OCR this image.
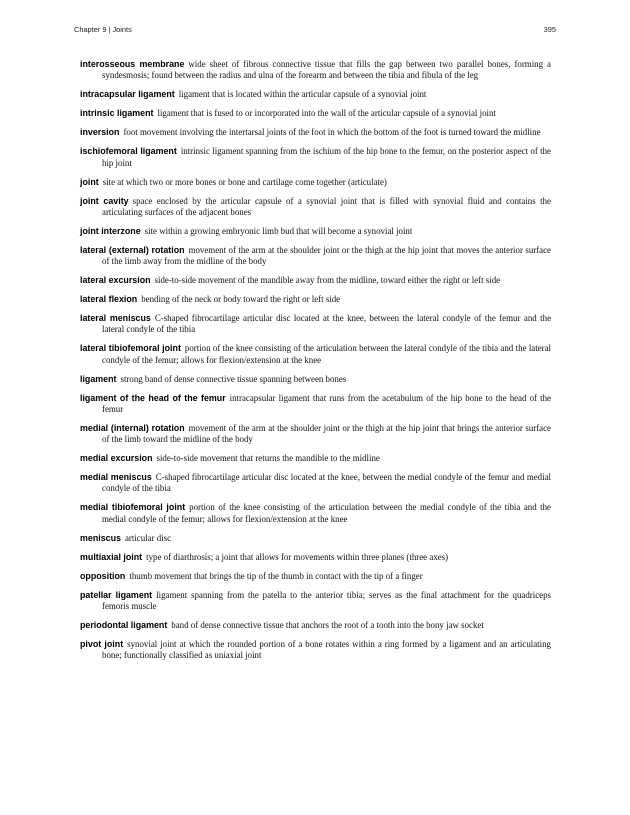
Chapter 9 | Joints	395

interosseous membrane wide sheet of fibrous connective tissue that fills the gap between two parallel bones, forming a syndesmosis; found between the radius and ulna of the forearm and between the tibia and fibula of the leg

intracapsular ligament ligament that is located within the articular capsule of a synovial joint

intrinsic ligament ligament that is fused to or incorporated into the wall of the articular capsule of a synovial joint

inversion foot movement involving the intertarsal joints of the foot in which the bottom of the foot is turned toward the midline

ischiofemoral ligament intrinsic ligament spanning from the ischium of the hip bone to the femur, on the posterior aspect of the hip joint

joint site at which two or more bones or bone and cartilage come together (articulate)

joint cavity space enclosed by the articular capsule of a synovial joint that is filled with synovial fluid and contains the articulating surfaces of the adjacent bones

joint interzone site within a growing embryonic limb bud that will become a synovial joint

lateral (external) rotation movement of the arm at the shoulder joint or the thigh at the hip joint that moves the anterior surface of the limb away from the midline of the body

lateral excursion side-to-side movement of the mandible away from the midline, toward either the right or left side

lateral flexion bending of the neck or body toward the right or left side

lateral meniscus C-shaped fibrocartilage articular disc located at the knee, between the lateral condyle of the femur and the lateral condyle of the tibia

lateral tibiofemoral joint portion of the knee consisting of the articulation between the lateral condyle of the tibia and the lateral condyle of the femur; allows for flexion/extension at the knee

ligament strong band of dense connective tissue spanning between bones

ligament of the head of the femur intracapsular ligament that runs from the acetabulum of the hip bone to the head of the femur

medial (internal) rotation movement of the arm at the shoulder joint or the thigh at the hip joint that brings the anterior surface of the limb toward the midline of the body

medial excursion side-to-side movement that returns the mandible to the midline

medial meniscus C-shaped fibrocartilage articular disc located at the knee, between the medial condyle of the femur and medial condyle of the tibia

medial tibiofemoral joint portion of the knee consisting of the articulation between the medial condyle of the tibia and the medial condyle of the femur; allows for flexion/extension at the knee

meniscus articular disc

multiaxial joint type of diarthrosis; a joint that allows for movements within three planes (three axes)

opposition thumb movement that brings the tip of the thumb in contact with the tip of a finger

patellar ligament ligament spanning from the patella to the anterior tibia; serves as the final attachment for the quadriceps femoris muscle

periodontal ligament band of dense connective tissue that anchors the root of a tooth into the bony jaw socket

pivot joint synovial joint at which the rounded portion of a bone rotates within a ring formed by a ligament and an articulating bone; functionally classified as uniaxial joint
